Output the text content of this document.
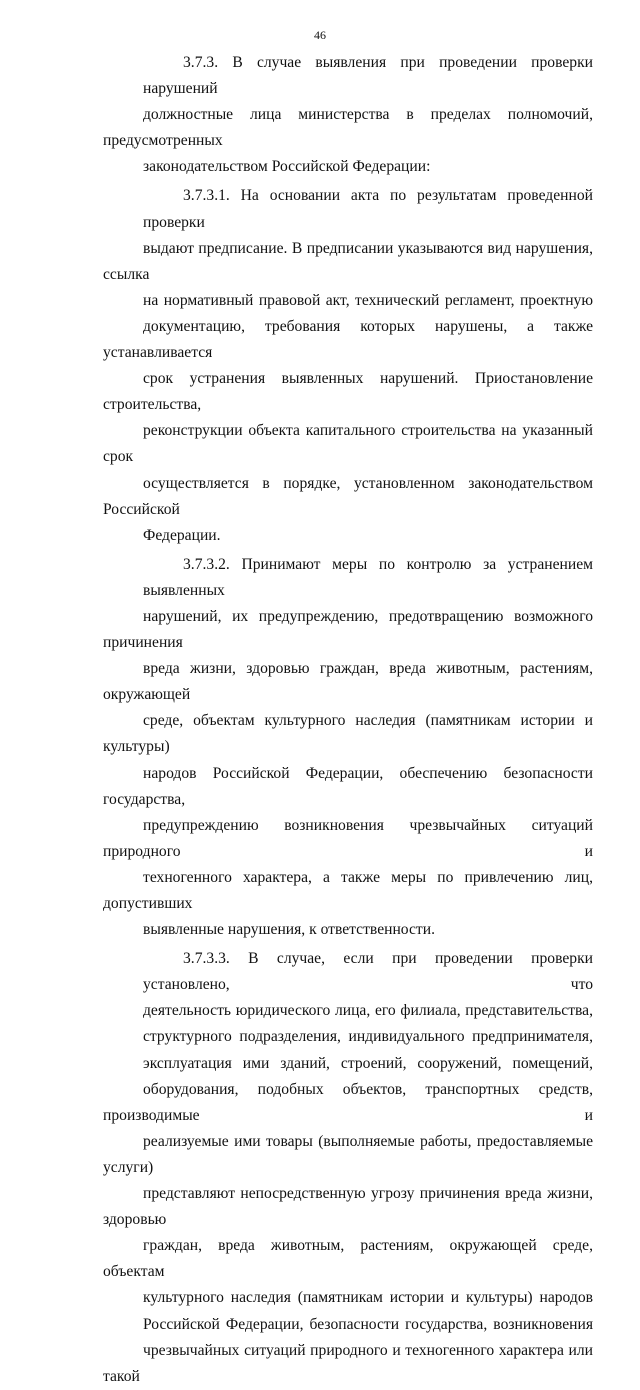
46
3.7.3. В случае выявления при проведении проверки нарушений
должностные лица министерства в пределах полномочий, предусмотренных
законодательством Российской Федерации:
3.7.3.1. На основании акта по результатам проведенной проверки
выдают предписание. В предписании указываются вид нарушения, ссылка
на нормативный правовой акт, технический регламент, проектную
документацию, требования которых нарушены, а также устанавливается
срок устранения выявленных нарушений. Приостановление строительства,
реконструкции объекта капитального строительства на указанный срок
осуществляется в порядке, установленном законодательством Российской
Федерации.
3.7.3.2. Принимают меры по контролю за устранением выявленных
нарушений, их предупреждению, предотвращению возможного причинения
вреда жизни, здоровью граждан, вреда животным, растениям, окружающей
среде, объектам культурного наследия (памятникам истории и культуры)
народов Российской Федерации, обеспечению безопасности государства,
предупреждению возникновения чрезвычайных ситуаций природного и
техногенного характера, а также меры по привлечению лиц, допустивших
выявленные нарушения, к ответственности.
3.7.3.3. В случае, если при проведении проверки установлено, что
деятельность юридического лица, его филиала, представительства,
структурного подразделения, индивидуального предпринимателя,
эксплуатация ими зданий, строений, сооружений, помещений,
оборудования, подобных объектов, транспортных средств, производимые и
реализуемые ими товары (выполняемые работы, предоставляемые услуги)
представляют непосредственную угрозу причинения вреда жизни, здоровью
граждан, вреда животным, растениям, окружающей среде, объектам
культурного наследия (памятникам истории и культуры) народов
Российской Федерации, безопасности государства, возникновения
чрезвычайных ситуаций природного и техногенного характера или такой
